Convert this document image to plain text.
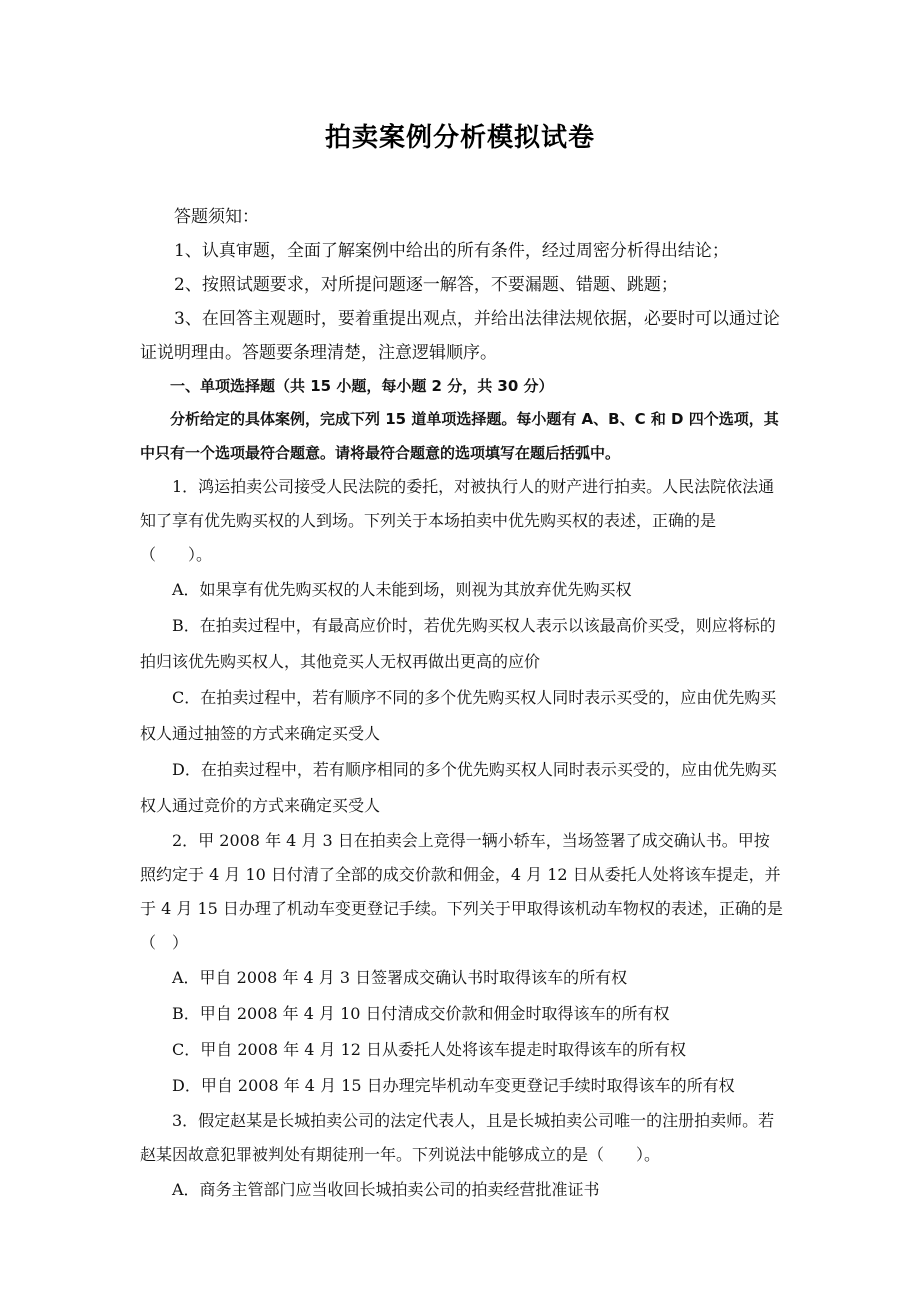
拍卖案例分析模拟试卷

答题须知：

1、认真审题，全面了解案例中给出的所有条件，经过周密分析得出结论；

2、按照试题要求，对所提问题逐一解答，不要漏题、错题、跳题；

3、在回答主观题时，要着重提出观点，并给出法律法规依据，必要时可以通过论证说明理由。答题要条理清楚，注意逻辑顺序。

一、单项选择题（共 15 小题，每小题 2 分，共 30 分）

分析给定的具体案例，完成下列 15 道单项选择题。每小题有 A、B、C 和 D 四个选项，其中只有一个选项最符合题意。请将最符合题意的选项填写在题后括弧中。

1．鸿运拍卖公司接受人民法院的委托，对被执行人的财产进行拍卖。人民法院依法通知了享有优先购买权的人到场。下列关于本场拍卖中优先购买权的表述，正确的是（　　）。

A．如果享有优先购买权的人未能到场，则视为其放弃优先购买权

B．在拍卖过程中，有最高应价时，若优先购买权人表示以该最高价买受，则应将标的拍归该优先购买权人，其他竞买人无权再做出更高的应价

C．在拍卖过程中，若有顺序不同的多个优先购买权人同时表示买受的，应由优先购买权人通过抽签的方式来确定买受人

D．在拍卖过程中，若有顺序相同的多个优先购买权人同时表示买受的，应由优先购买权人通过竞价的方式来确定买受人

2．甲 2008 年 4 月 3 日在拍卖会上竞得一辆小轿车，当场签署了成交确认书。甲按照约定于 4 月 10 日付清了全部的成交价款和佣金，4 月 12 日从委托人处将该车提走，并于 4 月 15 日办理了机动车变更登记手续。下列关于甲取得该机动车物权的表述，正确的是（　）

A．甲自 2008 年 4 月 3 日签署成交确认书时取得该车的所有权

B．甲自 2008 年 4 月 10 日付清成交价款和佣金时取得该车的所有权

C．甲自 2008 年 4 月 12 日从委托人处将该车提走时取得该车的所有权

D．甲自 2008 年 4 月 15 日办理完毕机动车变更登记手续时取得该车的所有权

3．假定赵某是长城拍卖公司的法定代表人，且是长城拍卖公司唯一的注册拍卖师。若赵某因故意犯罪被判处有期徒刑一年。下列说法中能够成立的是（　　）。

A．商务主管部门应当收回长城拍卖公司的拍卖经营批准证书
